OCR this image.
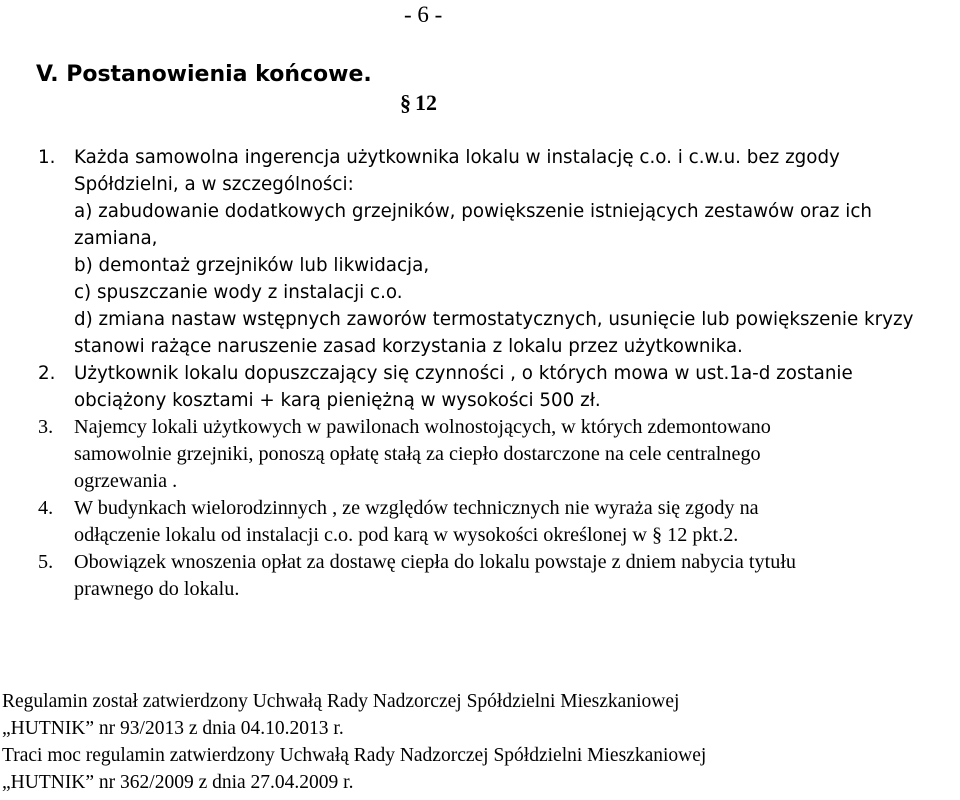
- 6 -
V. Postanowienia końcowe.
§ 12
1. Każda samowolna ingerencja użytkownika lokalu w instalację c.o. i c.w.u. bez zgody
Spółdzielni, a w szczególności:
a) zabudowanie dodatkowych grzejników, powiększenie istniejących zestawów oraz ich
zamiana,
b) demontaż grzejników lub likwidacja,
c) spuszczanie wody z instalacji c.o.
d) zmiana nastaw wstępnych zaworów termostatycznych, usunięcie lub powiększenie kryzy
stanowi rażące naruszenie zasad korzystania z lokalu przez użytkownika.
2. Użytkownik lokalu dopuszczający się czynności , o których mowa w ust.1a-d zostanie
obciążony kosztami + karą pieniężną w wysokości 500 zł.
3. Najemcy lokali użytkowych w pawilonach wolnostojących, w których zdemontowano
samowolnie grzejniki, ponoszą opłatę stałą za ciepło dostarczone na cele centralnego
ogrzewania .
4. W budynkach wielorodzinnych , ze względów technicznych nie wyraża się zgody na
odłączenie lokalu od instalacji c.o. pod karą w wysokości określonej w § 12 pkt.2.
5. Obowiązek wnoszenia opłat za dostawę ciepła do lokalu powstaje z dniem nabycia tytułu
prawnego do lokalu.
Regulamin został zatwierdzony Uchwałą Rady Nadzorczej Spółdzielni Mieszkaniowej
„HUTNIK” nr 93/2013 z dnia 04.10.2013 r.
Traci moc regulamin zatwierdzony Uchwałą Rady Nadzorczej Spółdzielni Mieszkaniowej
„HUTNIK” nr 362/2009 z dnia 27.04.2009 r.
